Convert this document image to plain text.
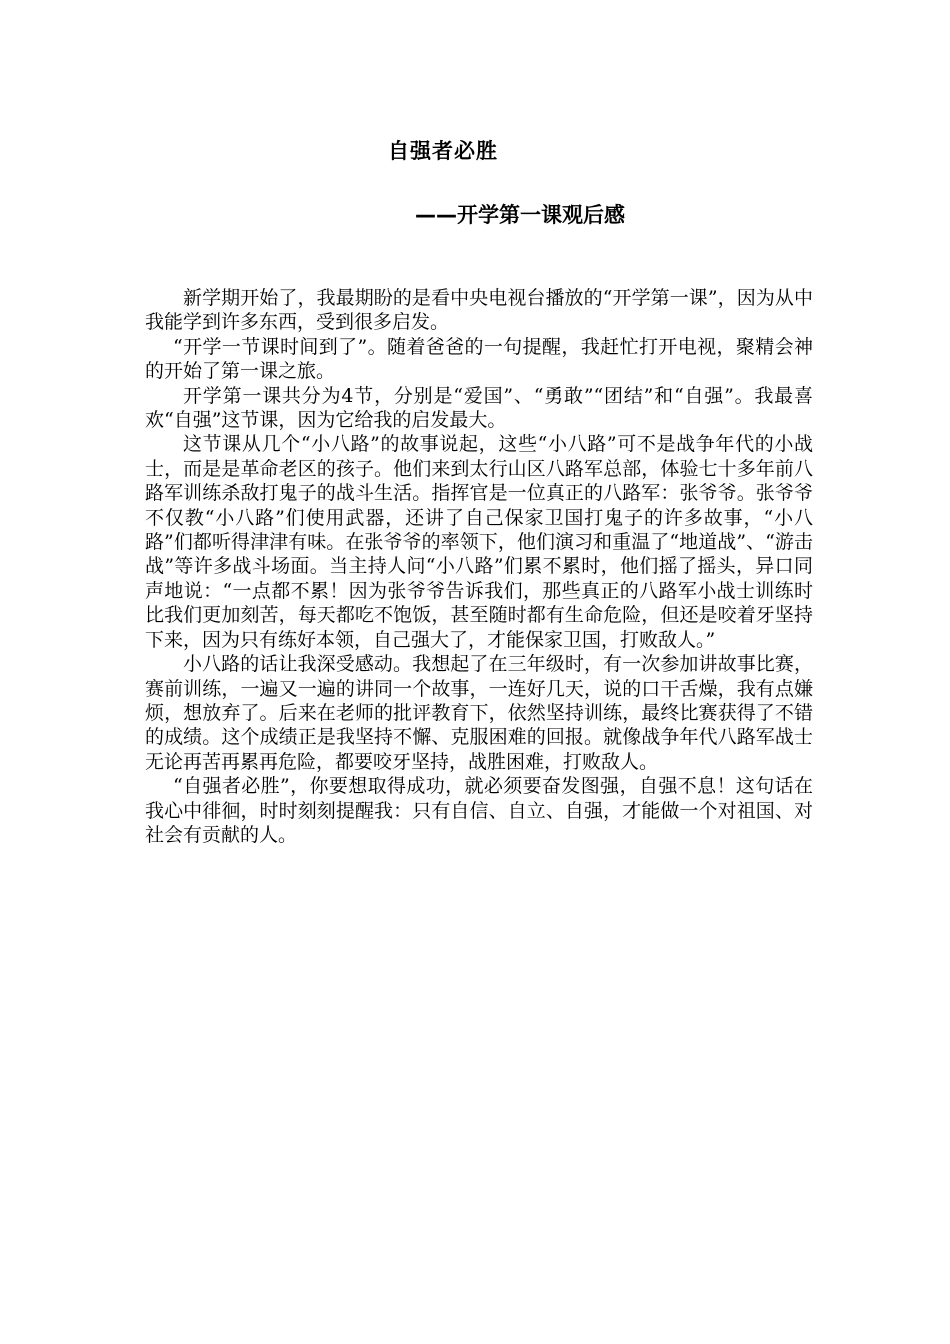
自强者必胜
——开学第一课观后感

新学期开始了，我最期盼的是看中央电视台播放的“开学第一课”，因为从中我能学到许多东西，受到很多启发。

“开学一节课时间到了”。随着爸爸的一句提醒，我赶忙打开电视，聚精会神的开始了第一课之旅。

开学第一课共分为4节，分别是“爱国”、“勇敢”“团结”和“自强”。我最喜欢“自强”这节课，因为它给我的启发最大。

这节课从几个“小八路”的故事说起，这些“小八路”可不是战争年代的小战士，而是是革命老区的孩子。他们来到太行山区八路军总部，体验七十多年前八路军训练杀敌打鬼子的战斗生活。指挥官是一位真正的八路军：张爷爷。张爷爷不仅教“小八路”们使用武器，还讲了自己保家卫国打鬼子的许多故事，“小八路”们都听得津津有味。在张爷爷的率领下，他们演习和重温了“地道战”、“游击战”等许多战斗场面。当主持人问“小八路”们累不累时，他们摇了摇头，异口同声地说：“一点都不累！因为张爷爷告诉我们，那些真正的八路军小战士训练时比我们更加刻苦，每天都吃不饱饭，甚至随时都有生命危险，但还是咬着牙坚持下来，因为只有练好本领，自己强大了，才能保家卫国，打败敌人。”

小八路的话让我深受感动。我想起了在三年级时，有一次参加讲故事比赛，赛前训练，一遍又一遍的讲同一个故事，一连好几天，说的口干舌燥，我有点嫌烦，想放弃了。后来在老师的批评教育下，依然坚持训练，最终比赛获得了不错的成绩。这个成绩正是我坚持不懈、克服困难的回报。就像战争年代八路军战士无论再苦再累再危险，都要咬牙坚持，战胜困难，打败敌人。

“自强者必胜”，你要想取得成功，就必须要奋发图强，自强不息！这句话在我心中徘徊，时时刻刻提醒我：只有自信、自立、自强，才能做一个对祖国、对社会有贡献的人。
